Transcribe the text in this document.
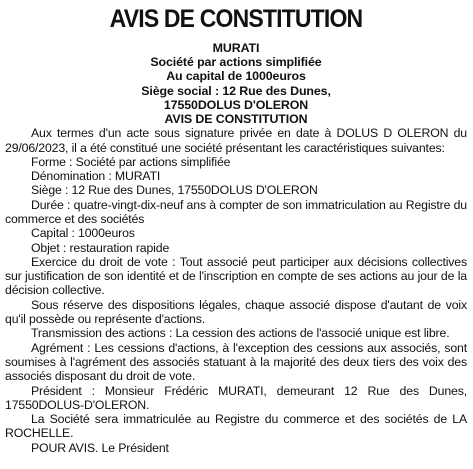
AVIS DE CONSTITUTION
MURATI
Société par actions simplifiée
Au capital de 1000euros
Siège social : 12 Rue des Dunes,
17550DOLUS D'OLERON
AVIS DE CONSTITUTION

Aux termes d'un acte sous signature privée en date à DOLUS D OLERON du 29/06/2023, il a été constitué une société présentant les caractéristiques suivantes:

Forme : Société par actions simplifiée

Dénomination : MURATI

Siège : 12 Rue des Dunes, 17550DOLUS D'OLERON

Durée : quatre-vingt-dix-neuf ans à compter de son immatriculation au Registre du commerce et des sociétés

Capital : 1000euros

Objet : restauration rapide

Exercice du droit de vote : Tout associé peut participer aux décisions collectives sur justification de son identité et de l'inscription en compte de ses actions au jour de la décision collective.

Sous réserve des dispositions légales, chaque associé dispose d'autant de voix qu'il possède ou représente d'actions.

Transmission des actions : La cession des actions de l'associé unique est libre.

Agrément : Les cessions d'actions, à l'exception des cessions aux associés, sont soumises à l'agrément des associés statuant à la majorité des deux tiers des voix des associés disposant du droit de vote.

Président : Monsieur Frédéric MURATI, demeurant 12 Rue des Dunes, 17550DOLUS-D'OLERON.

La Société sera immatriculée au Registre du commerce et des sociétés de LA ROCHELLE.

POUR AVIS. Le Président
